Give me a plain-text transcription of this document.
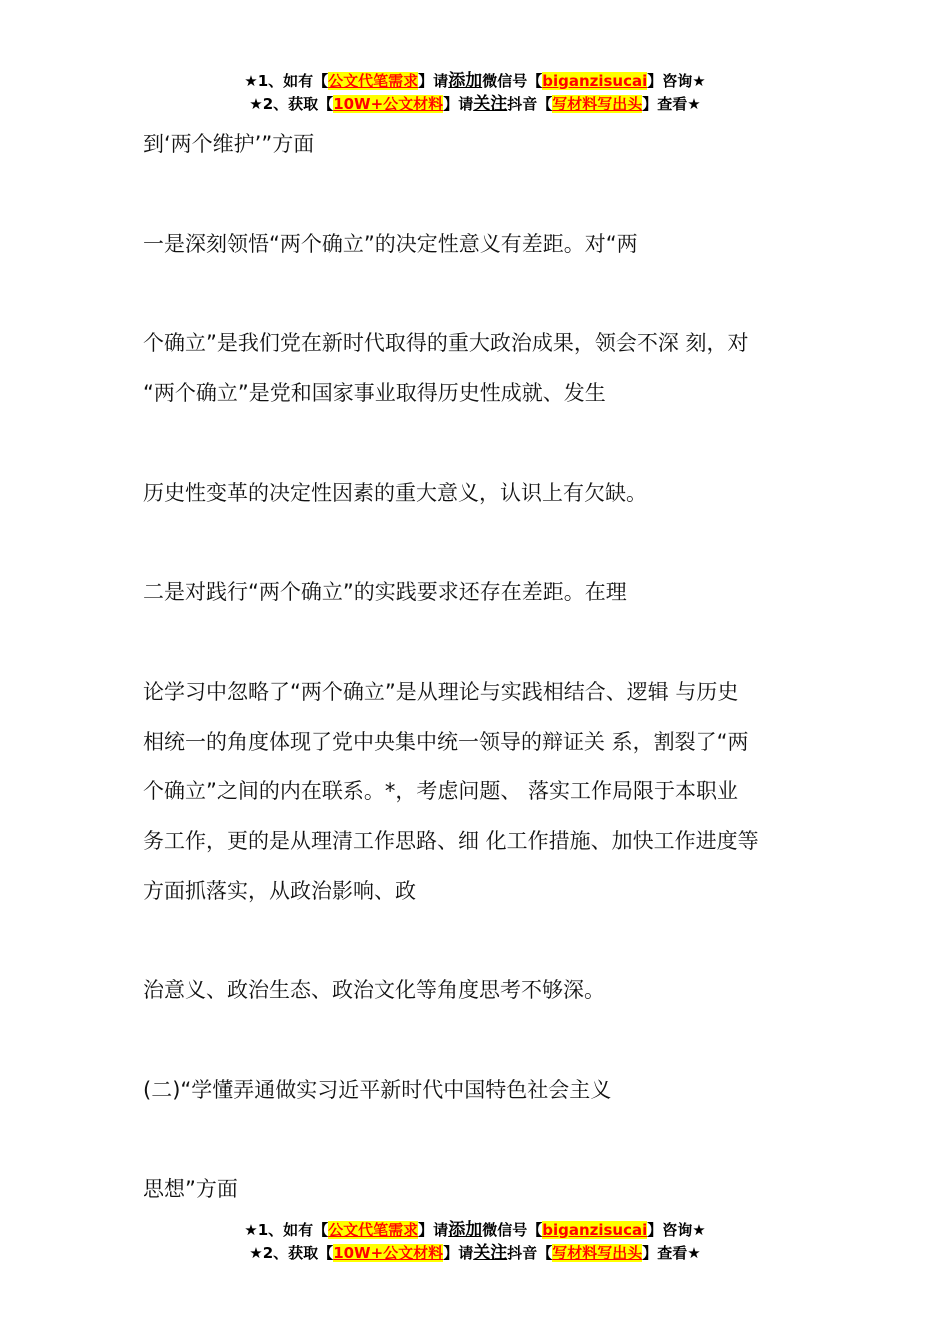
★1、如有【公文代笔需求】请添加微信号【biganzisucai】咨询★
★2、获取【10W+公文材料】请关注抖音【写材料写出头】查看★
到‘两个维护’”方面
一是深刻领悟“两个确立”的决定性意义有差距。对“两
个确立”是我们党在新时代取得的重大政治成果，领会不深 刻，对
“两个确立”是党和国家事业取得历史性成就、发生
历史性变革的决定性因素的重大意义，认识上有欠缺。
二是对践行“两个确立”的实践要求还存在差距。在理
论学习中忽略了“两个确立”是从理论与实践相结合、逻辑 与历史
相统一的角度体现了党中央集中统一领导的辩证关 系，割裂了“两
个确立”之间的内在联系。*，考虑问题、 落实工作局限于本职业
务工作，更的是从理清工作思路、细 化工作措施、加快工作进度等
方面抓落实，从政治影响、政
治意义、政治生态、政治文化等角度思考不够深。
(二)“学懂弄通做实习近平新时代中国特色社会主义
思想”方面
★1、如有【公文代笔需求】请添加微信号【biganzisucai】咨询★
★2、获取【10W+公文材料】请关注抖音【写材料写出头】查看★
